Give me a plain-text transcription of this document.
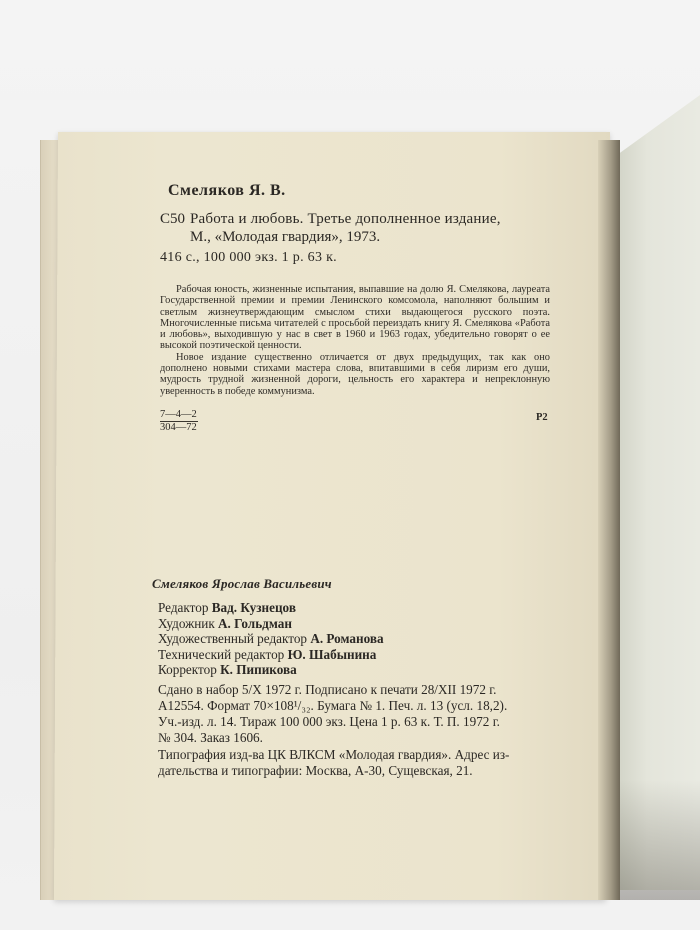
Смеляков Я. В.
С50 Работа и любовь. Третье дополненное издание,
М., «Молодая гвардия», 1973.
416 с., 100 000 экз. 1 р. 63 к.

Рабочая юность, жизненные испытания, выпавшие на долю Я. Смелякова, лауреата Государственной премии и премии Ленинского комсомола, наполняют большим и светлым жизнеутверждающим смыслом стихи выдающегося русского поэта. Многочисленные письма читателей с просьбой переиздать книгу Я. Смелякова «Работа и любовь», выходившую у нас в свет в 1960 и 1963 годах, убедительно говорят о ее высокой поэтической ценности.

Новое издание существенно отличается от двух предыдущих, так как оно дополнено новыми стихами мастера слова, впитавшими в себя лиризм его души, мудрость трудной жизненной дороги, цельность его характера и непреклонную уверенность в победе коммунизма.

7—4—2
304—72
Р2
Смеляков Ярослав Васильевич
Редактор Вад. Кузнецов
Художник А. Гольдман
Художественный редактор А. Романова
Технический редактор Ю. Шабынина
Корректор К. Пипикова
Сдано в набор 5/X 1972 г. Подписано к печати 28/XII 1972 г.
А12554. Формат 70×108¹/₃₂. Бумага № 1. Печ. л. 13 (усл. 18,2).
Уч.-изд. л. 14. Тираж 100 000 экз. Цена 1 р. 63 к. Т. П. 1972 г.
№ 304. Заказ 1606.
Типография изд-ва ЦК ВЛКСМ «Молодая гвардия». Адрес из-
дательства и типографии: Москва, А-30, Сущевская, 21.
